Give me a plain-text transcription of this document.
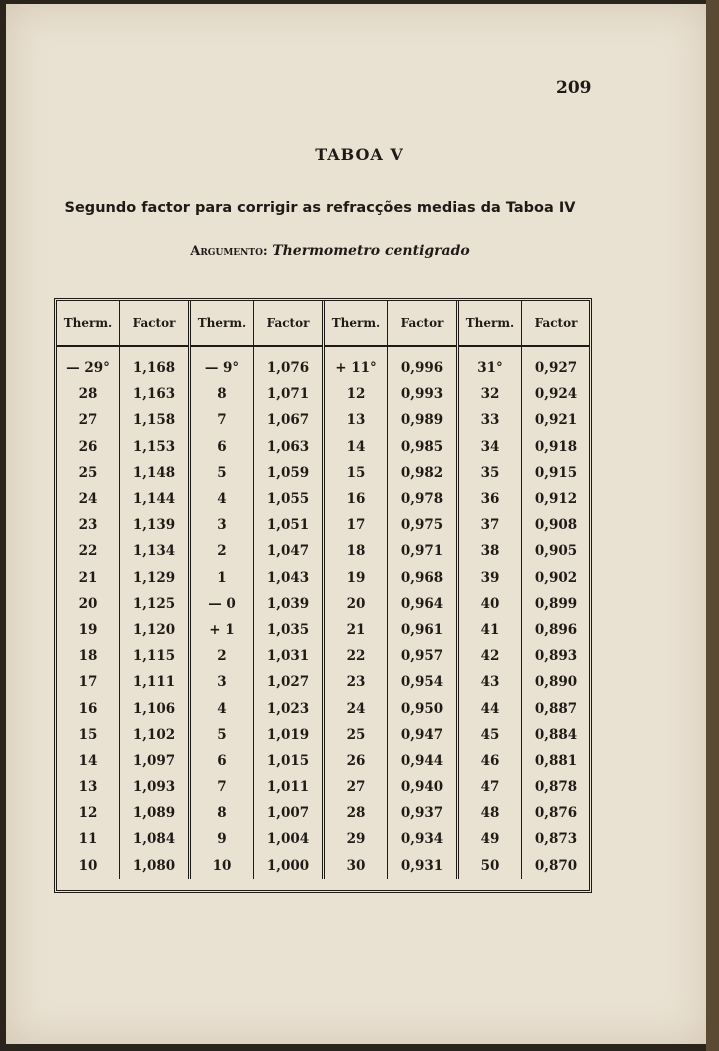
209
TABOA V
Segundo factor para corrigir as refracções medias da Taboa IV
Argumento: Thermometro centigrado
Therm.	Factor	Therm.	Factor	Therm.	Factor	Therm.	Factor

— 29°	1,168	— 9°	1,076	+ 11°	0,996	31°	0,927
28	1,163	8	1,071	12	0,993	32	0,924
27	1,158	7	1,067	13	0,989	33	0,921
26	1,153	6	1,063	14	0,985	34	0,918
25	1,148	5	1,059	15	0,982	35	0,915
24	1,144	4	1,055	16	0,978	36	0,912
23	1,139	3	1,051	17	0,975	37	0,908
22	1,134	2	1,047	18	0,971	38	0,905
21	1,129	1	1,043	19	0,968	39	0,902
20	1,125	— 0	1,039	20	0,964	40	0,899
19	1,120	+ 1	1,035	21	0,961	41	0,896
18	1,115	2	1,031	22	0,957	42	0,893
17	1,111	3	1,027	23	0,954	43	0,890
16	1,106	4	1,023	24	0,950	44	0,887
15	1,102	5	1,019	25	0,947	45	0,884
14	1,097	6	1,015	26	0,944	46	0,881
13	1,093	7	1,011	27	0,940	47	0,878
12	1,089	8	1,007	28	0,937	48	0,876
11	1,084	9	1,004	29	0,934	49	0,873
10	1,080	10	1,000	30	0,931	50	0,870
